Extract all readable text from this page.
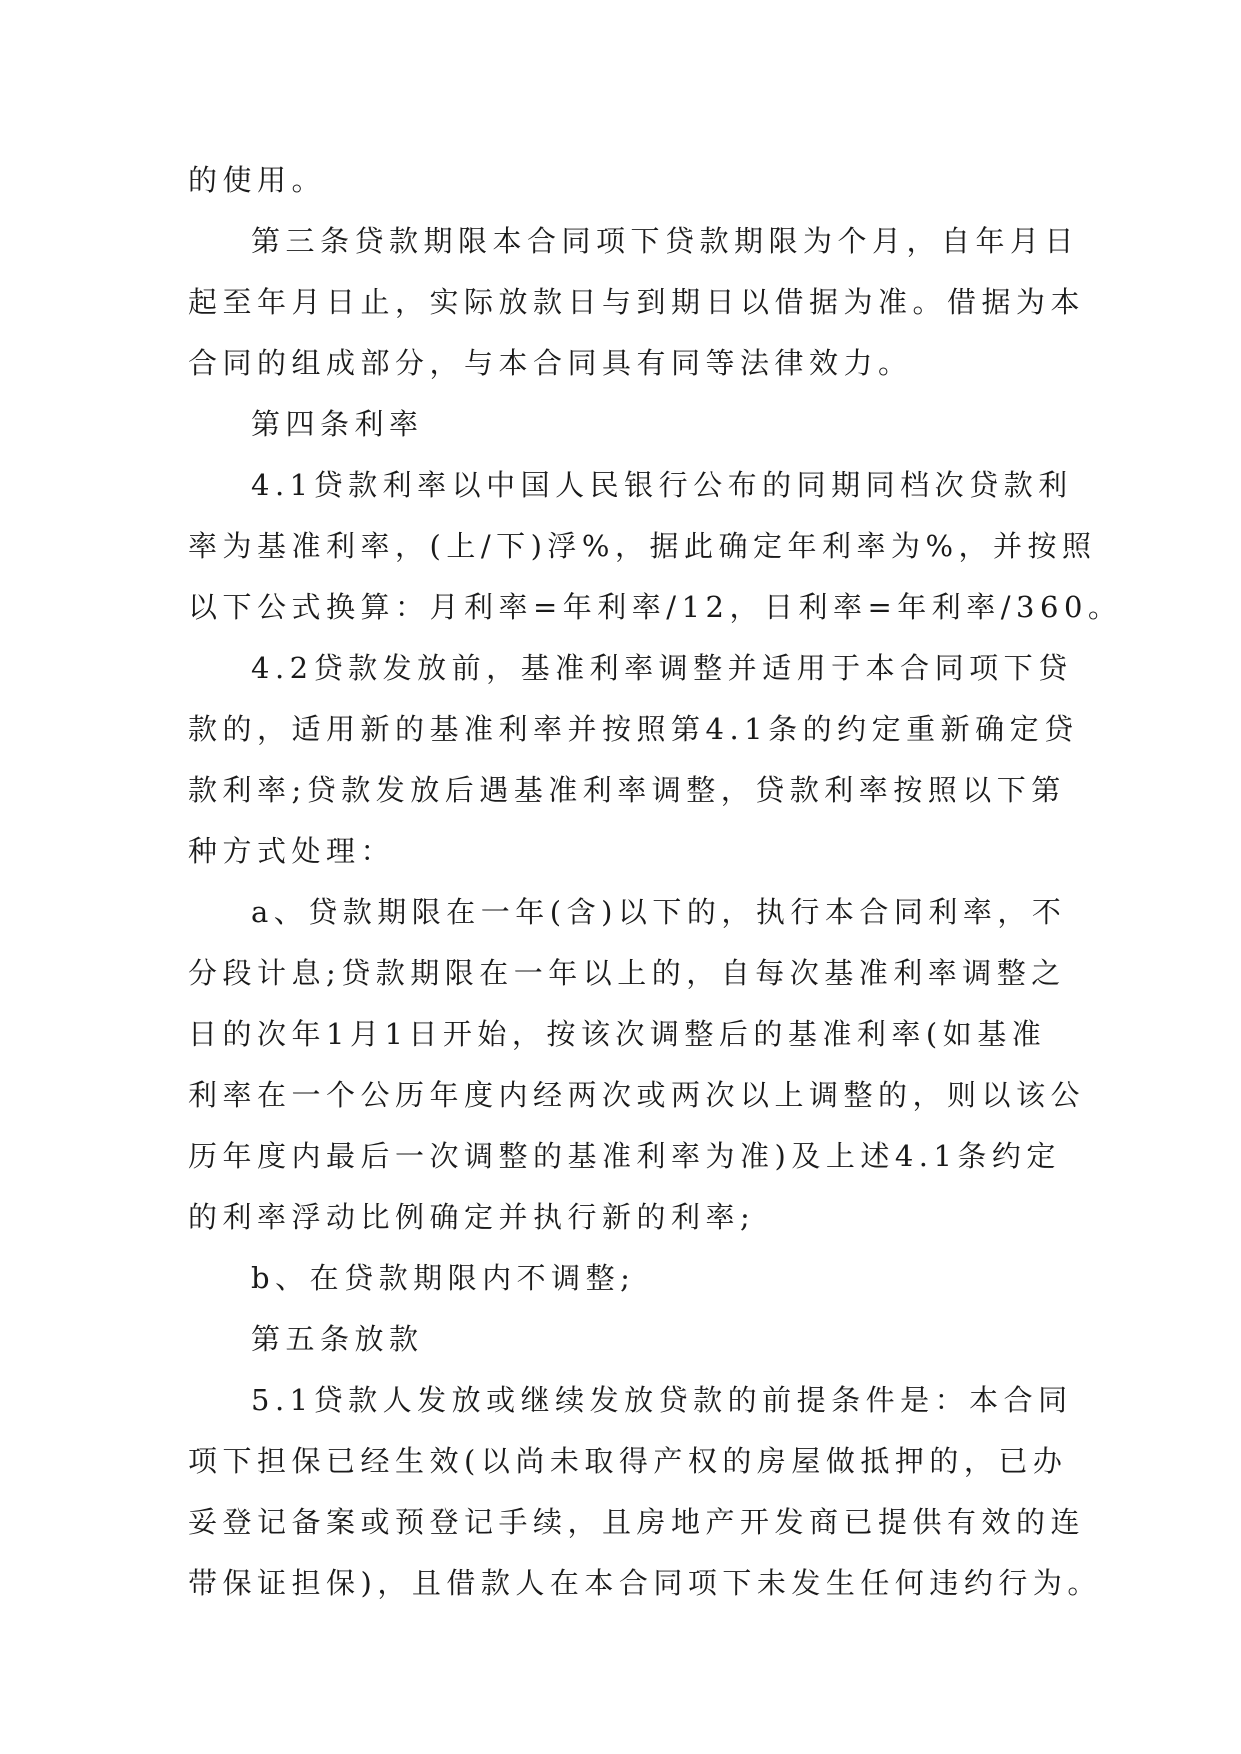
的使用。
第三条贷款期限本合同项下贷款期限为个月，自年月日
起至年月日止，实际放款日与到期日以借据为准。借据为本
合同的组成部分，与本合同具有同等法律效力。
第四条利率
4.1贷款利率以中国人民银行公布的同期同档次贷款利
率为基准利率，(上/下)浮%，据此确定年利率为%，并按照
以下公式换算：月利率=年利率/12，日利率=年利率/360。
4.2贷款发放前，基准利率调整并适用于本合同项下贷
款的，适用新的基准利率并按照第4.1条的约定重新确定贷
款利率;贷款发放后遇基准利率调整，贷款利率按照以下第
种方式处理：
a、贷款期限在一年(含)以下的，执行本合同利率，不
分段计息;贷款期限在一年以上的，自每次基准利率调整之
日的次年1月1日开始，按该次调整后的基准利率(如基准
利率在一个公历年度内经两次或两次以上调整的，则以该公
历年度内最后一次调整的基准利率为准)及上述4.1条约定
的利率浮动比例确定并执行新的利率;
b、在贷款期限内不调整;
第五条放款
5.1贷款人发放或继续发放贷款的前提条件是：本合同
项下担保已经生效(以尚未取得产权的房屋做抵押的，已办
妥登记备案或预登记手续，且房地产开发商已提供有效的连
带保证担保)，且借款人在本合同项下未发生任何违约行为。
